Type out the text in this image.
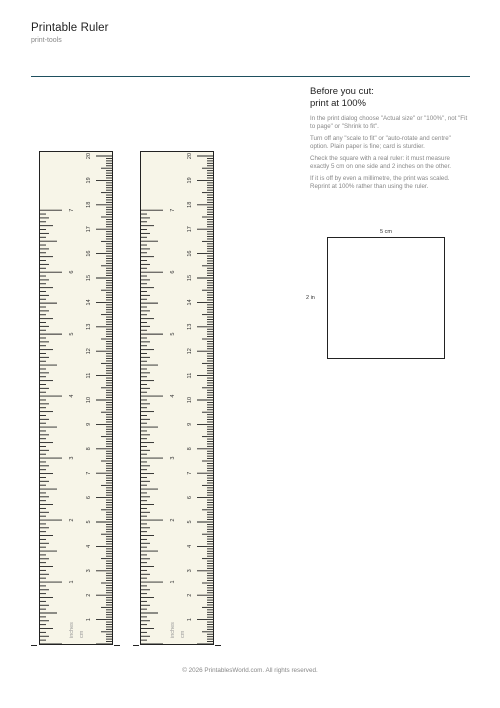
Printable Ruler
print-tools
1
2
3
4
5
6
7
8
9
10
11
12
13
14
15
16
17
18
19
20
1
2
3
4
5
6
7
inches cm
1
2
3
4
5
6
7
8
9
10
11
12
13
14
15
16
17
18
19
20
1
2
3
4
5
6
7
inches cm
Before you cut:
print at 100%

In the print dialog choose "Actual size" or "100%", not "Fit to page" or "Shrink to fit".

Turn off any "scale to fit" or "auto-rotate and centre" option. Plain paper is fine; card is sturdier.

Check the square with a real ruler: it must measure exactly 5 cm on one side and 2 inches on the other.

If it is off by even a millimetre, the print was scaled. Reprint at 100% rather than using the ruler.

5 cm
2 in
© 2026 PrintablesWorld.com. All rights reserved.
